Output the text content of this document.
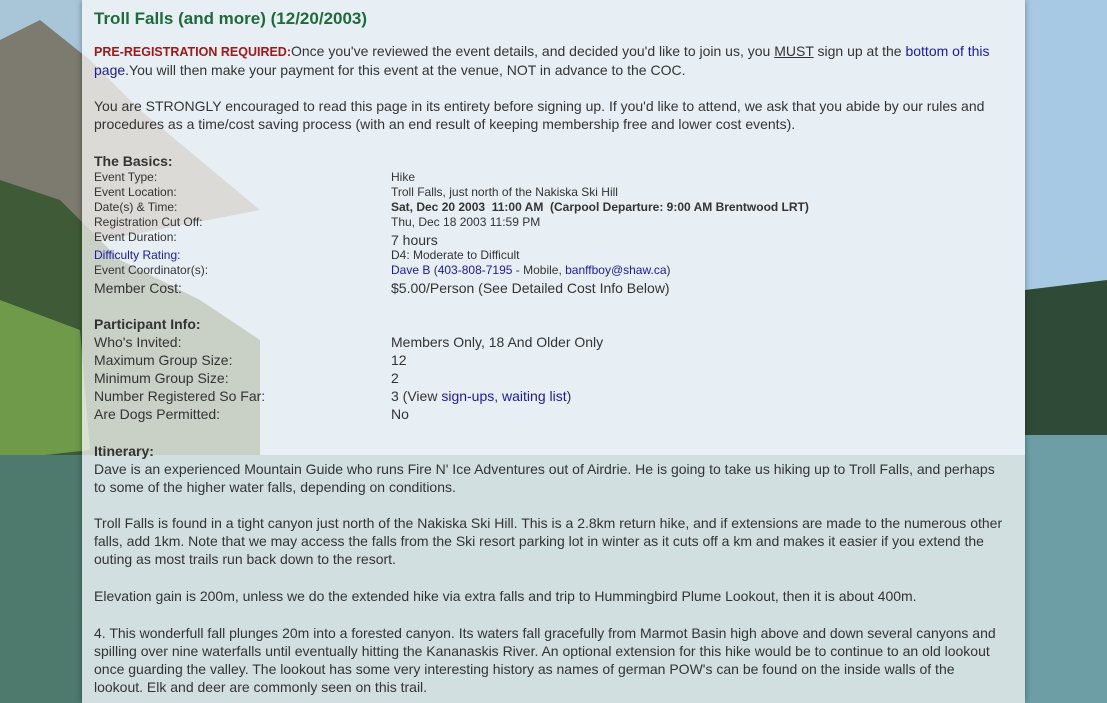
Troll Falls (and more) (12/20/2003)

PRE-REGISTRATION REQUIRED:Once you've reviewed the event details, and decided you'd like to join us, you MUST sign up at the bottom of this
page.You will then make your payment for this event at the venue, NOT in advance to the COC.

You are STRONGLY encouraged to read this page in its entirety before signing up. If you'd like to attend, we ask that you abide by our rules and
procedures as a time/cost saving process (with an end result of keeping membership free and lower cost events).

The Basics:
Event Type:	Hike
Event Location:	Troll Falls, just north of the Nakiska Ski Hill
Date(s) & Time:	Sat, Dec 20 2003  11:00 AM  (Carpool Departure: 9:00 AM Brentwood LRT)
Registration Cut Off:	Thu, Dec 18 2003 11:59 PM
Event Duration:	7 hours
Difficulty Rating:	D4: Moderate to Difficult
Event Coordinator(s):	Dave B (403-808-7195 - Mobile, banffboy@shaw.ca)
Member Cost:	$5.00/Person (See Detailed Cost Info Below)
Participant Info:
Who's Invited:	Members Only, 18 And Older Only
Maximum Group Size:	12
Minimum Group Size:	2
Number Registered So Far:	3 (View sign-ups, waiting list)
Are Dogs Permitted:	No
Itinerary:

Dave is an experienced Mountain Guide who runs Fire N' Ice Adventures out of Airdrie. He is going to take us hiking up to Troll Falls, and perhaps
to some of the higher water falls, depending on conditions.

Troll Falls is found in a tight canyon just north of the Nakiska Ski Hill. This is a 2.8km return hike, and if extensions are made to the numerous other
falls, add 1km. Note that we may access the falls from the Ski resort parking lot in winter as it cuts off a km and makes it easier if you extend the
outing as most trails run back down to the resort.

Elevation gain is 200m, unless we do the extended hike via extra falls and trip to Hummingbird Plume Lookout, then it is about 400m.

4. This wonderfull fall plunges 20m into a forested canyon. Its waters fall gracefully from Marmot Basin high above and down several canyons and
spilling over nine waterfalls until eventually hitting the Kananaskis River. An optional extension for this hike would be to continue to an old lookout
once guarding the valley. The lookout has some very interesting history as names of german POW's can be found on the inside walls of the
lookout. Elk and deer are commonly seen on this trail.
